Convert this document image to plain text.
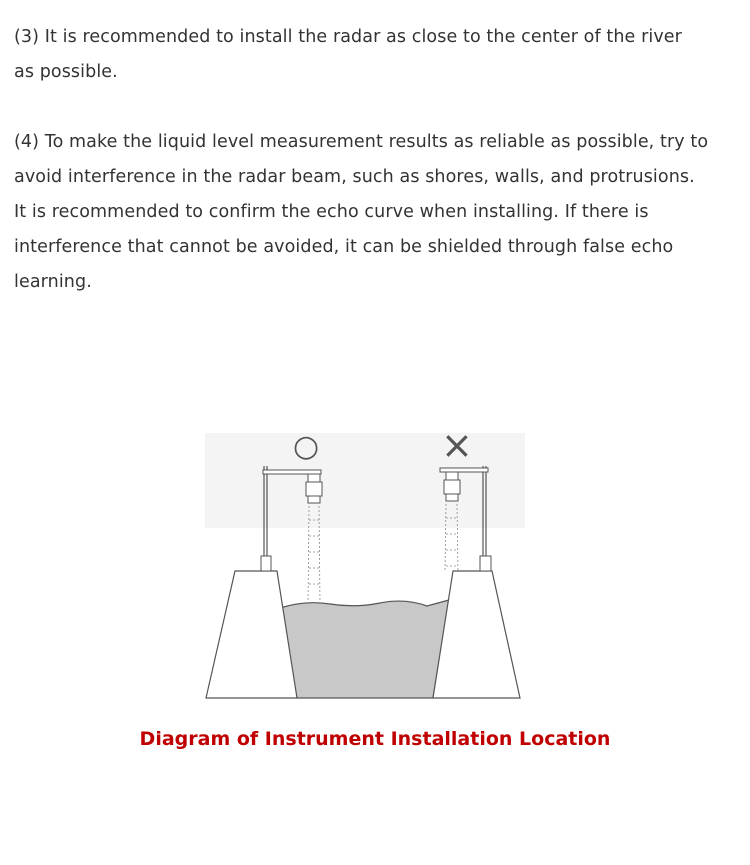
(3) It is recommended to install the radar as close to the center of the river
as possible.
(4) To make the liquid level measurement results as reliable as possible, try to
avoid interference in the radar beam, such as shores, walls, and protrusions.
It is recommended to confirm the echo curve when installing. If there is
interference that cannot be avoided, it can be shielded through false echo
learning.
○	×

Diagram of Instrument Installation Location
